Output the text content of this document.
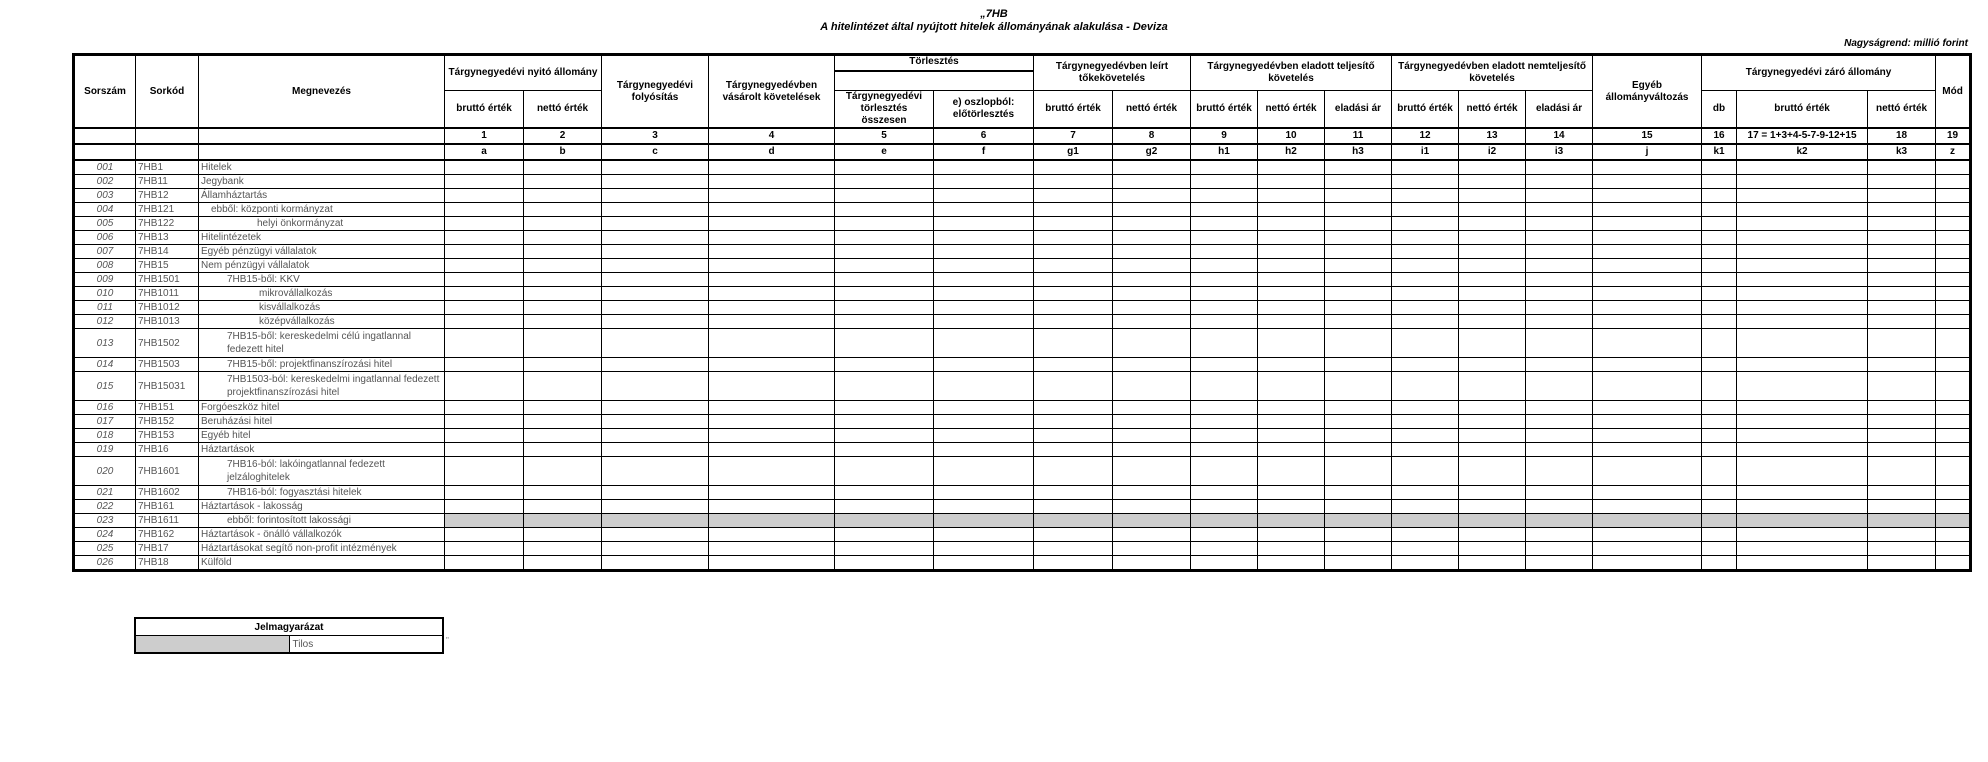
„7HB
A hitelintézet által nyújtott hitelek állományának alakulása - Deviza
Nagyságrend: millió forint
Sorszám	Sorkód	Megnevezés	Tárgynegyedévi nyitó állomány		Tárgynegyedévi folyósítás	Tárgynegyedévben vásárolt követelések	Törlesztés		Tárgynegyedévben leírt tőkekövetelés		Tárgynegyedévben eladott teljesítő követelés			Tárgynegyedévben eladott nemteljesítő követelés			Egyéb állományváltozás	Tárgynegyedévi záró állomány			Mód
			bruttó érték	nettó érték			Tárgynegyedévi törlesztés összesen	e) oszlopból: előtörlesztés	bruttó érték	nettó érték	bruttó érték	nettó érték	eladási ár	bruttó érték	nettó érték	eladási ár		db	bruttó érték	nettó érték	
			1	2	3	4	5	6	7	8	9	10	11	12	13	14	15	16	17 = 1+3+4-5-7-9-12+15	18	19
			a	b	c	d	e	f	g1	g2	h1	h2	h3	i1	i2	i3	j	k1	k2	k3	z
001	7HB1	Hitelek																			
002	7HB11	Jegybank																			
003	7HB12	Államháztartás																			
004	7HB121	ebből: központi kormányzat																			
005	7HB122	helyi önkormányzat																			
006	7HB13	Hitelintézetek																			
007	7HB14	Egyéb pénzügyi vállalatok																			
008	7HB15	Nem pénzügyi vállalatok																			
009	7HB1501	7HB15-ből: KKV																			
010	7HB1011	mikrovállalkozás																			
011	7HB1012	kisvállalkozás																			
012	7HB1013	középvállalkozás																			
013	7HB1502	7HB15-ből: kereskedelmi célú ingatlannal fedezett hitel																			
014	7HB1503	7HB15-ből: projektfinanszírozási hitel																			
015	7HB15031	7HB1503-ból: kereskedelmi ingatlannal fedezett projektfinanszírozási hitel																			
016	7HB151	Forgóeszköz hitel																			
017	7HB152	Beruházási hitel																			
018	7HB153	Egyéb hitel																			
019	7HB16	Háztartások																			
020	7HB1601	7HB16-ból: lakóingatlannal fedezett jelzáloghitelek																			
021	7HB1602	7HB16-ból: fogyasztási hitelek																			
022	7HB161	Háztartások - lakosság																			
023	7HB1611	ebből: forintosított lakossági																			
024	7HB162	Háztartások - önálló vállalkozók																			
025	7HB17	Háztartásokat segítő non-profit intézmények																			
026	7HB18	Külföld																			
Jelmagyarázat
	Tilos	"
